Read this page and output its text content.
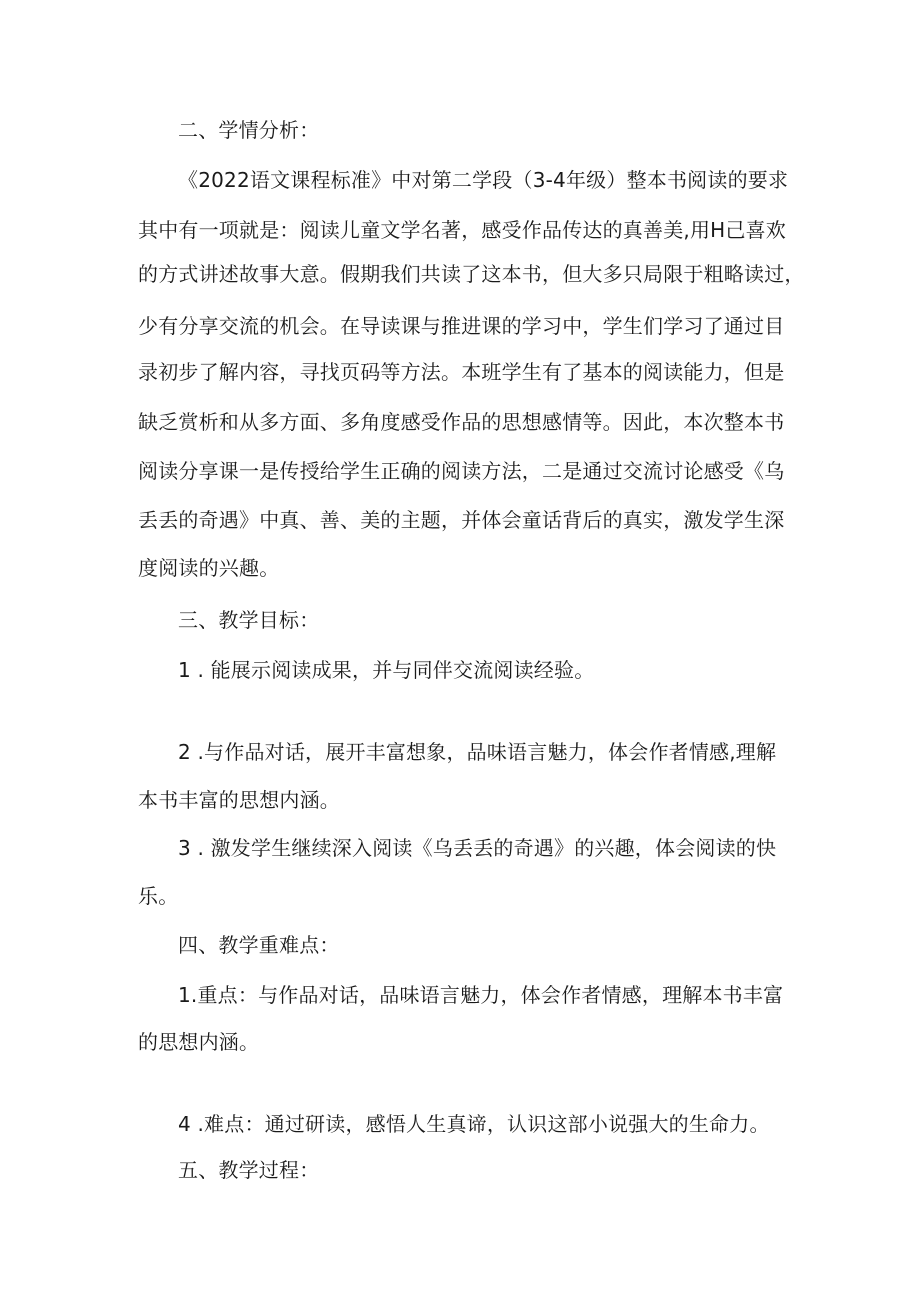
二、学情分析：
《2022语文课程标准》中对第二学段（3-4年级）整本书阅读的要求
其中有一项就是：阅读儿童文学名著，感受作品传达的真善美,用H己喜欢
的方式讲述故事大意。假期我们共读了这本书，但大多只局限于粗略读过，
少有分享交流的机会。在导读课与推进课的学习中，学生们学习了通过目
录初步了解内容，寻找页码等方法。本班学生有了基本的阅读能力，但是
缺乏赏析和从多方面、多角度感受作品的思想感情等。因此，本次整本书
阅读分享课一是传授给学生正确的阅读方法，二是通过交流讨论感受《乌
丢丢的奇遇》中真、善、美的主题，并体会童话背后的真实，激发学生深
度阅读的兴趣。
三、教学目标：
1 . 能展示阅读成果，并与同伴交流阅读经验。
2 .与作品对话，展开丰富想象，品味语言魅力，体会作者情感,理解
本书丰富的思想内涵。
3 . 激发学生继续深入阅读《乌丢丢的奇遇》的兴趣，体会阅读的快
乐。
四、教学重难点：
1.重点：与作品对话，品味语言魅力，体会作者情感，理解本书丰富
的思想内涵。
4 .难点：通过研读，感悟人生真谛，认识这部小说强大的生命力。
五、教学过程：
